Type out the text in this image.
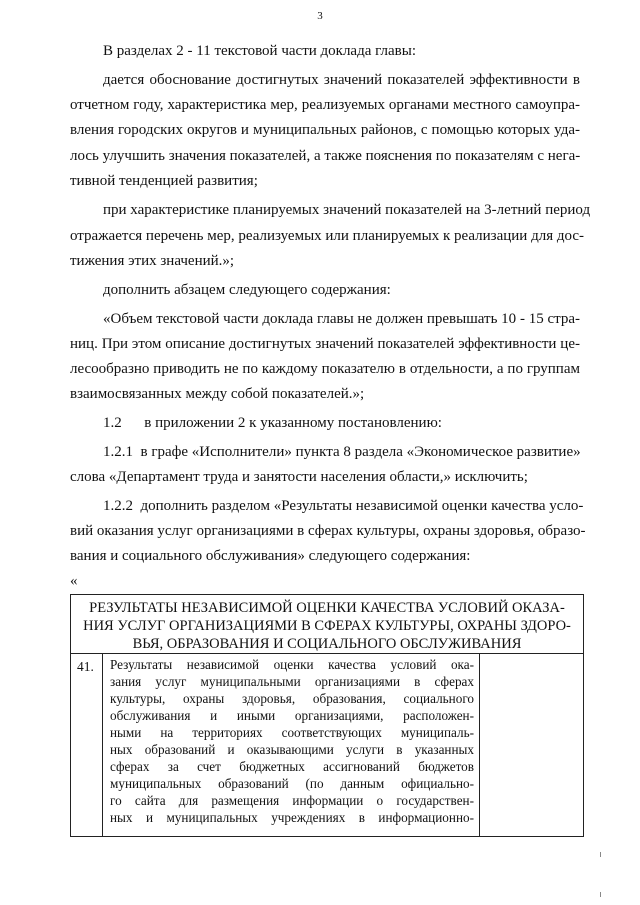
3
В разделах 2 - 11 текстовой части доклада главы:
дается обоснование достигнутых значений показателей эффективности в
отчетном году, характеристика мер, реализуемых органами местного самоупра-
вления городских округов и муниципальных районов, с помощью которых уда-
лось улучшить значения показателей, а также пояснения по показателям с нега-
тивной тенденцией развития;
при характеристике планируемых значений показателей на 3-летний период
отражается перечень мер, реализуемых или планируемых к реализации для дос-
тижения этих значений.»;
дополнить абзацем следующего содержания:
«Объем текстовой части доклада главы не должен превышать 10 - 15 стра-
ниц. При этом описание достигнутых значений показателей эффективности це-
лесообразно приводить не по каждому показателю в отдельности, а по группам
взаимосвязанных между собой показателей.»;
1.2      в приложении 2 к указанному постановлению:
1.2.1  в графе «Исполнители» пункта 8 раздела «Экономическое развитие»
слова «Департамент труда и занятости населения области,» исключить;
1.2.2  дополнить разделом «Результаты независимой оценки качества усло-
вий оказания услуг организациями в сферах культуры, охраны здоровья, образо-
вания и социального обслуживания» следующего содержания:
«
РЕЗУЛЬТАТЫ НЕЗАВИСИМОЙ ОЦЕНКИ КАЧЕСТВА УСЛОВИЙ ОКАЗА-
НИЯ УСЛУГ ОРГАНИЗАЦИЯМИ В СФЕРАХ КУЛЬТУРЫ, ОХРАНЫ ЗДОРО-
ВЬЯ, ОБРАЗОВАНИЯ И СОЦИАЛЬНОГО ОБСЛУЖИВАНИЯ
41. Результаты независимой оценки качества условий ока-
зания услуг муниципальными организациями в сферах
культуры, охраны здоровья, образования, социального
обслуживания и иными организациями, расположен-
ными на территориях соответствующих муниципаль-
ных образований и оказывающими услуги в указанных
сферах за счет бюджетных ассигнований бюджетов
муниципальных образований (по данным официально-
го сайта для размещения информации о государствен-
ных и муниципальных учреждениях в информационно-
